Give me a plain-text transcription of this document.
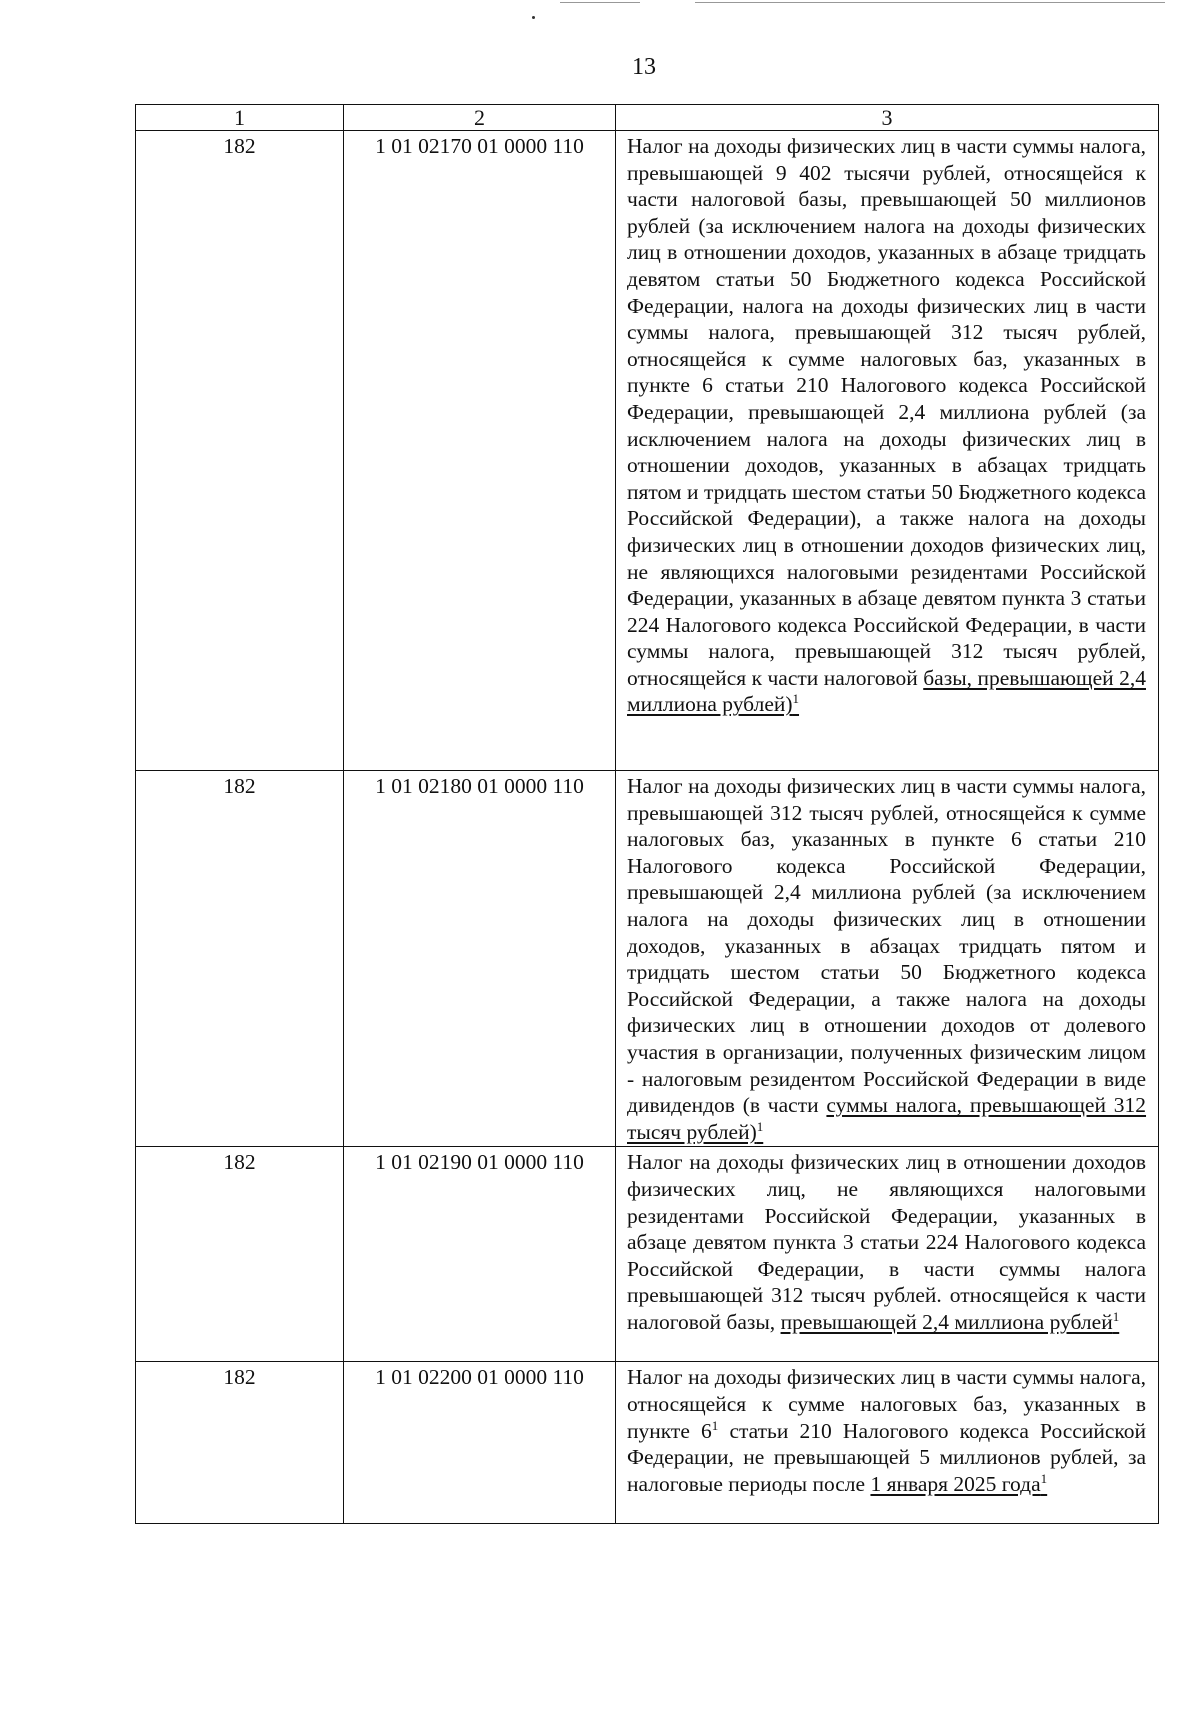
13
1	2	3
182	1 01 02170 01 0000 110	Налог на доходы физических лиц в части суммы налога, превышающей 9 402 тысячи рублей, относящейся к части налоговой базы, превышающей 50 миллионов рублей (за исключением налога на доходы физических лиц в отношении доходов, указанных в абзаце тридцать девятом статьи 50 Бюджетного кодекса Российской Федерации, налога на доходы физических лиц в части суммы налога, превышающей 312 тысяч рублей, относящейся к сумме налоговых баз, указанных в пункте 6 статьи 210 Налогового кодекса Российской Федерации, превышающей 2,4 миллиона рублей (за исключением налога на доходы физических лиц в отношении доходов, указанных в абзацах тридцать пятом и тридцать шестом статьи 50 Бюджетного кодекса Российской Федерации), а также налога на доходы физических лиц в отношении доходов физических лиц, не являющихся налоговыми резидентами Российской Федерации, указанных в абзаце девятом пункта 3 статьи 224 Налогового кодекса Российской Федерации, в части суммы налога, превышающей 312 тысяч рублей, относящейся к части налоговой базы, превышающей 2,4 миллиона рублей)$^1$
182	1 01 02180 01 0000 110	Налог на доходы физических лиц в части суммы налога, превышающей 312 тысяч рублей, относящейся к сумме налоговых баз, указанных в пункте 6 статьи 210 Налогового кодекса Российской Федерации, превышающей 2,4 миллиона рублей (за исключением налога на доходы физических лиц в отношении доходов, указанных в абзацах тридцать пятом и тридцать шестом статьи 50 Бюджетного кодекса Российской Федерации, а также налога на доходы физических лиц в отношении доходов от долевого участия в организации, полученных физическим лицом - налоговым резидентом Российской Федерации в виде дивидендов (в части суммы налога, превышающей 312 тысяч рублей)$^1$
182	1 01 02190 01 0000 110	Налог на доходы физических лиц в отношении доходов физических лиц, не являющихся налоговыми резидентами Российской Федерации, указанных в абзаце девятом пункта 3 статьи 224 Налогового кодекса Российской Федерации, в части суммы налога превышающей 312 тысяч рублей. относящейся к части налоговой базы, превышающей 2,4 миллиона рублей$^1$
182	1 01 02200 01 0000 110	Налог на доходы физических лиц в части суммы налога, относящейся к сумме налоговых баз, указанных в пункте 6$^1$ статьи 210 Налогового кодекса Российской Федерации, не превышающей 5 миллионов рублей, за налоговые периоды после 1 января 2025 года$^1$
